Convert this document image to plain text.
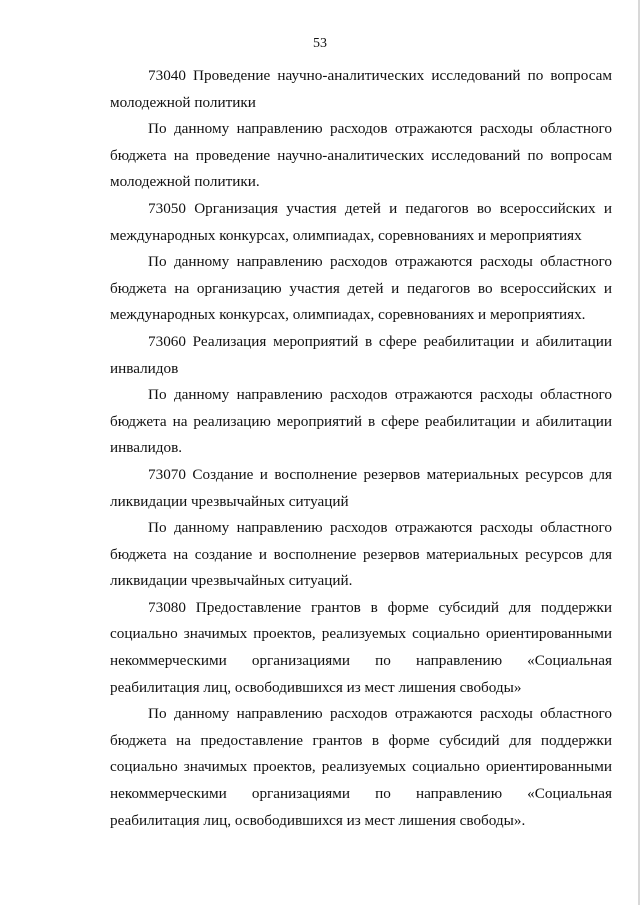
53

73040 Проведение научно-аналитических исследований по вопросам молодежной политики

По данному направлению расходов отражаются расходы областного бюджета на проведение научно-аналитических исследований по вопросам молодежной политики.

73050 Организация участия детей и педагогов во всероссийских и международных конкурсах, олимпиадах, соревнованиях и мероприятиях

По данному направлению расходов отражаются расходы областного бюджета на организацию участия детей и педагогов во всероссийских и международных конкурсах, олимпиадах, соревнованиях и мероприятиях.

73060 Реализация мероприятий в сфере реабилитации и абилитации инвалидов

По данному направлению расходов отражаются расходы областного бюджета на реализацию мероприятий в сфере реабилитации и абилитации инвалидов.

73070 Создание и восполнение резервов материальных ресурсов для ликвидации чрезвычайных ситуаций

По данному направлению расходов отражаются расходы областного бюджета на создание и восполнение резервов материальных ресурсов для ликвидации чрезвычайных ситуаций.

73080 Предоставление грантов в форме субсидий для поддержки социально значимых проектов, реализуемых социально ориентированными некоммерческими организациями по направлению «Социальная реабилитация лиц, освободившихся из мест лишения свободы»

По данному направлению расходов отражаются расходы областного бюджета на предоставление грантов в форме субсидий для поддержки социально значимых проектов, реализуемых социально ориентированными некоммерческими организациями по направлению «Социальная реабилитация лиц, освободившихся из мест лишения свободы».
